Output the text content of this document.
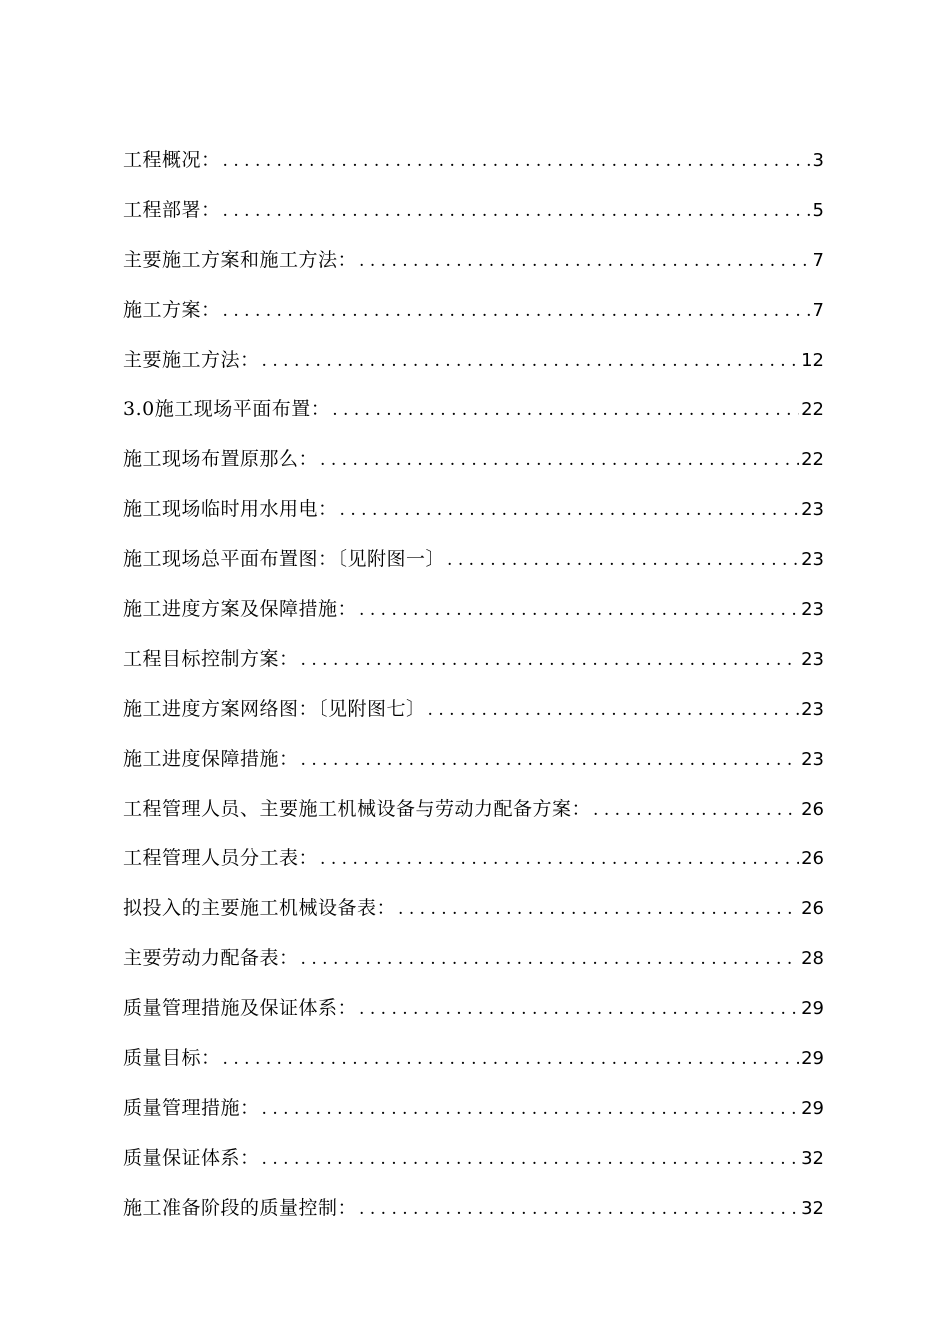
工程概况： . . .	3
工程部署： . . .	5
主要施工方案和施工方法： . . .	7
施工方案： . . .	7
主要施工方法： . . .	12
3.0施工现场平面布置： . . .	22
施工现场布置原那么： . . .	22
施工现场临时用水用电： . . .	23
施工现场总平面布置图：〔见附图一〕 . . .	23
施工进度方案及保障措施： . . .	23
工程目标控制方案： . . .	23
施工进度方案网络图：〔见附图七〕 . . .	23
施工进度保障措施： . . .	23
工程管理人员、主要施工机械设备与劳动力配备方案： . . .	26
工程管理人员分工表： . . .	26
拟投入的主要施工机械设备表： . . .	26
主要劳动力配备表： . . .	28
质量管理措施及保证体系： . . .	29
质量目标： . . .	29
质量管理措施： . . .	29
质量保证体系： . . .	32
施工准备阶段的质量控制： . . .	32
